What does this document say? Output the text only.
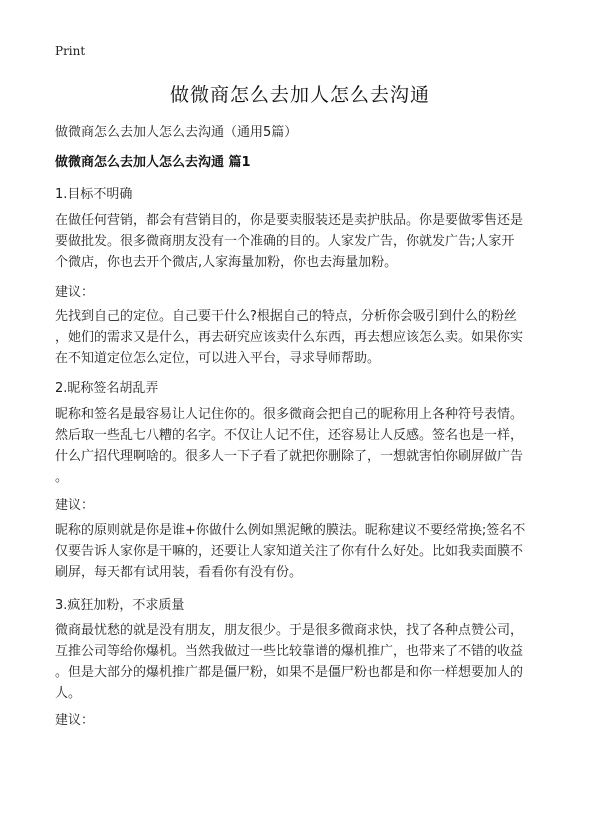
Print
做微商怎么去加人怎么去沟通
做微商怎么去加人怎么去沟通（通用5篇）
做微商怎么去加人怎么去沟通 篇1
1.目标不明确
在做任何营销，都会有营销目的，你是要卖服装还是卖护肤品。你是要做零售还是
要做批发。很多微商朋友没有一个准确的目的。人家发广告，你就发广告;人家开
个微店，你也去开个微店,人家海量加粉，你也去海量加粉。
建议：
先找到自己的定位。自己要干什么?根据自己的特点，分析你会吸引到什么的粉丝
，她们的需求又是什么，再去研究应该卖什么东西，再去想应该怎么卖。如果你实
在不知道定位怎么定位，可以进入平台，寻求导师帮助。
2.昵称签名胡乱弄
昵称和签名是最容易让人记住你的。很多微商会把自己的昵称用上各种符号表情。
然后取一些乱七八糟的名字。不仅让人记不住，还容易让人反感。签名也是一样，
什么广招代理啊啥的。很多人一下子看了就把你删除了，一想就害怕你刷屏做广告
。
建议：
昵称的原则就是你是谁+你做什么例如黑泥鳅的膜法。昵称建议不要经常换;签名不
仅要告诉人家你是干嘛的，还要让人家知道关注了你有什么好处。比如我卖面膜不
刷屏，每天都有试用装，看看你有没有份。
3.疯狂加粉，不求质量
微商最忧愁的就是没有朋友，朋友很少。于是很多微商求快，找了各种点赞公司，
互推公司等给你爆机。当然我做过一些比较靠谱的爆机推广，也带来了不错的收益
。但是大部分的爆机推广都是僵尸粉，如果不是僵尸粉也都是和你一样想要加人的
人。
建议：
